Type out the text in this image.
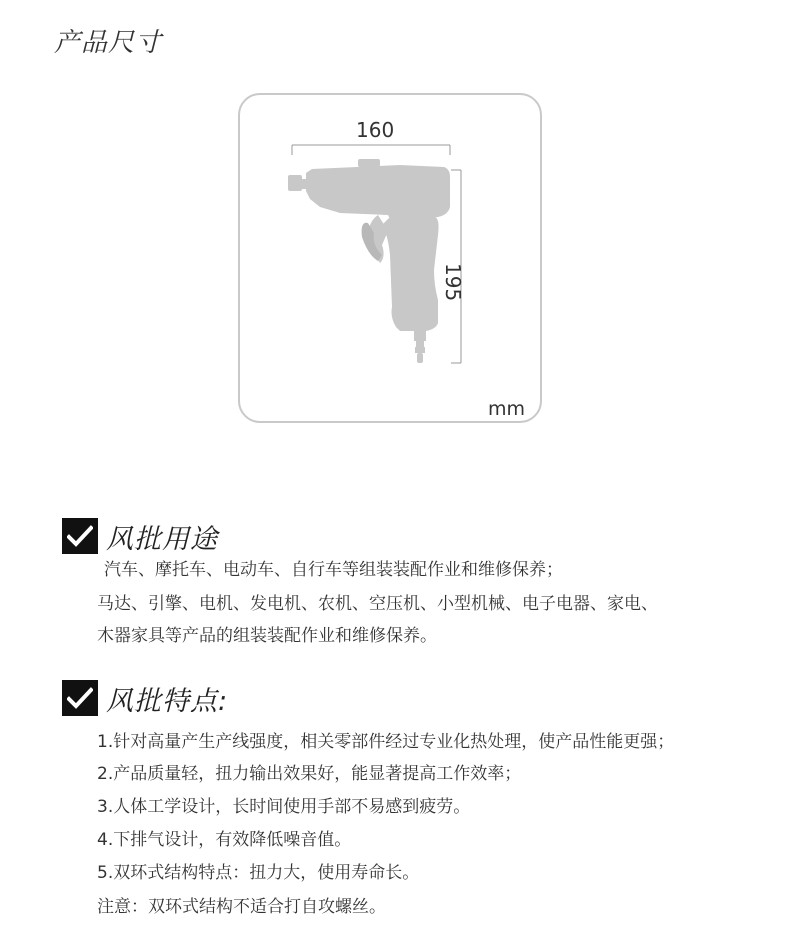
产品尺寸
160
195
mm
风批用途
汽车、摩托车、电动车、自行车等组装装配作业和维修保养；
马达、引擎、电机、发电机、农机、空压机、小型机械、电子电器、家电、
木器家具等产品的组装装配作业和维修保养。
风批特点:
1.针对高量产生产线强度，相关零部件经过专业化热处理，使产品性能更强；
2.产品质量轻，扭力输出效果好，能显著提高工作效率；
3.人体工学设计，长时间使用手部不易感到疲劳。
4.下排气设计，有效降低噪音值。
5.双环式结构特点：扭力大，使用寿命长。
注意：双环式结构不适合打自攻螺丝。
